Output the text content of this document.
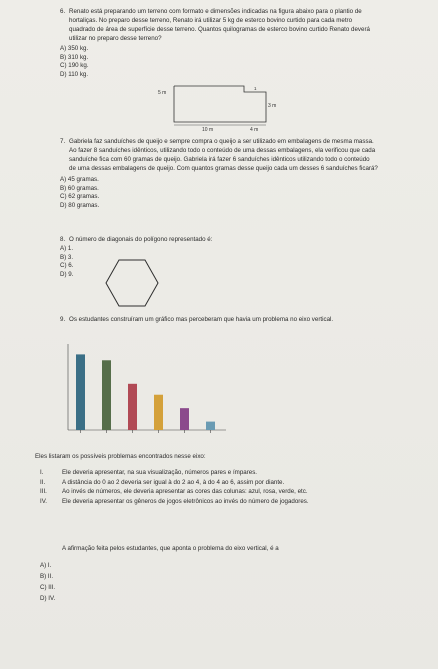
6. Renato está preparando um terreno com formato e dimensões indicadas na figura abaixo para o plantio de
hortaliças. No preparo desse terreno, Renato irá utilizar 5 kg de esterco bovino curtido para cada metro
quadrado de área de superfície desse terreno. Quantos quilogramas de esterco bovino curtido Renato deverá
utilizar no preparo desse terreno?
A) 350 kg.
B) 310 kg.
C) 190 kg.
D) 110 kg.
5 m
3 m
1
10 m	4 m
7. Gabriela faz sanduíches de queijo e sempre compra o queijo a ser utilizado em embalagens de mesma massa.
Ao fazer 8 sanduíches idênticos, utilizando todo o conteúdo de uma dessas embalagens, ela verificou que cada
sanduíche fica com 60 gramas de queijo. Gabriela irá fazer 6 sanduíches idênticos utilizando todo o conteúdo
de uma dessas embalagens de queijo. Com quantos gramas desse queijo cada um desses 6 sanduíches ficará?
A) 45 gramas.
B) 60 gramas.
C) 62 gramas.
D) 80 gramas.
8. O número de diagonais do polígono representado é:
A) 1.
B) 3.
C) 6.
D) 9.
9. Os estudantes construíram um gráfico mas perceberam que havia um problema no eixo vertical.
Eles listaram os possíveis problemas encontrados nesse eixo:
I.	Ele deveria apresentar, na sua visualização, números pares e ímpares.
II.	A distância do 0 ao 2 deveria ser igual à do 2 ao 4, à do 4 ao 6, assim por diante.
III. Ao invés de números, ele deveria apresentar as cores das colunas: azul, rosa, verde, etc.
IV. Ele deveria apresentar os gêneros de jogos eletrônicos ao invés do número de jogadores.
A afirmação feita pelos estudantes, que aponta o problema do eixo vertical, é a
A) I.
B) II.
C) III.
D) IV.
